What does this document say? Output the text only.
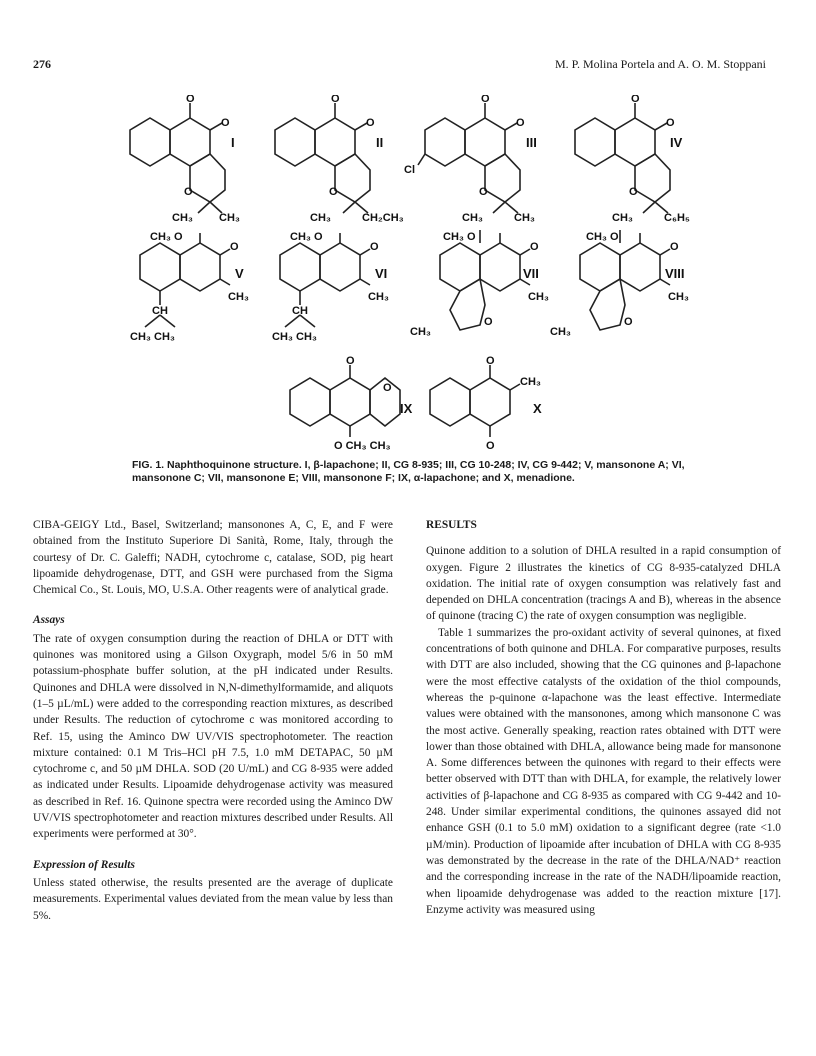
276	M. P. Molina Portela and A. O. M. Stoppani
O
O
O
CH₃ CH₃
O
O
O
CH₃	CH₂CH₃
O
O
O
Cl
CH₃	CH₃
O
O
O
CH₃	C₆H₅
CH₃ O
O
CH₃
CH
CH₃ CH₃
CH₃ O
O
CH₃
CH
CH₃ CH₃
CH₃ O
O
CH₃
O
CH₃
CH₃ O
O
CH₃
O
CH₃
O
O
O CH₃ CH₃
O
CH₃
O
I	II	III	IV
V	VI	VII	VIII
IX	X
FIG. 1. Naphthoquinone structure. I, β-lapachone; II, CG 8-935; III, CG 10-248; IV, CG 9-442; V, mansonone A; VI, mansonone C; VII, mansonone E; VIII, mansonone F; IX, α-lapachone; and X, menadione.

CIBA-GEIGY Ltd., Basel, Switzerland; mansonones A, C, E, and F were obtained from the Instituto Superiore Di Sanità, Rome, Italy, through the courtesy of Dr. C. Galeffi; NADH, cytochrome c, catalase, SOD, pig heart lipoamide dehydrogenase, DTT, and GSH were purchased from the Sigma Chemical Co., St. Louis, MO, U.S.A. Other reagents were of analytical grade.

Assays

The rate of oxygen consumption during the reaction of DHLA or DTT with quinones was monitored using a Gilson Oxygraph, model 5/6 in 50 mM potassium-phosphate buffer solution, at the pH indicated under Results. Quinones and DHLA were dissolved in N,N-dimethylformamide, and aliquots (1–5 µL/mL) were added to the corresponding reaction mixtures, as described under Results. The reduction of cytochrome c was monitored according to Ref. 15, using the Aminco DW UV/VIS spectrophotometer. The reaction mixture contained: 0.1 M Tris–HCl pH 7.5, 1.0 mM DETAPAC, 50 µM cytochrome c, and 50 µM DHLA. SOD (20 U/mL) and CG 8-935 were added as indicated under Results. Lipoamide dehydrogenase activity was measured as described in Ref. 16. Quinone spectra were recorded using the Aminco DW UV/VIS spectrophotometer and reaction mixtures described under Results. All experiments were performed at 30°.

Expression of Results

Unless stated otherwise, the results presented are the average of duplicate measurements. Experimental values deviated from the mean value by less than 5%.

RESULTS

Quinone addition to a solution of DHLA resulted in a rapid consumption of oxygen. Figure 2 illustrates the kinetics of CG 8-935-catalyzed DHLA oxidation. The initial rate of oxygen consumption was relatively fast and depended on DHLA concentration (tracings A and B), whereas in the absence of quinone (tracing C) the rate of oxygen consumption was negligible.

Table 1 summarizes the pro-oxidant activity of several quinones, at fixed concentrations of both quinone and DHLA. For comparative purposes, results with DTT are also included, showing that the CG quinones and β-lapachone were the most effective catalysts of the oxidation of the thiol compounds, whereas the p-quinone α-lapachone was the least effective. Intermediate values were obtained with the mansonones, among which mansonone C was the most active. Generally speaking, reaction rates obtained with DTT were lower than those obtained with DHLA, allowance being made for mansonone A. Some differences between the quinones with regard to their effects were better observed with DTT than with DHLA, for example, the relatively lower activities of β-lapachone and CG 8-935 as compared with CG 9-442 and 10-248. Under similar experimental conditions, the quinones assayed did not enhance GSH (0.1 to 5.0 mM) oxidation to a significant degree (rate <1.0 µM/min). Production of lipoamide after incubation of DHLA with CG 8-935 was demonstrated by the decrease in the rate of the DHLA/NAD⁺ reaction and the corresponding increase in the rate of the NADH/lipoamide reaction, when lipoamide dehydrogenase was added to the reaction mixture [17]. Enzyme activity was measured using
